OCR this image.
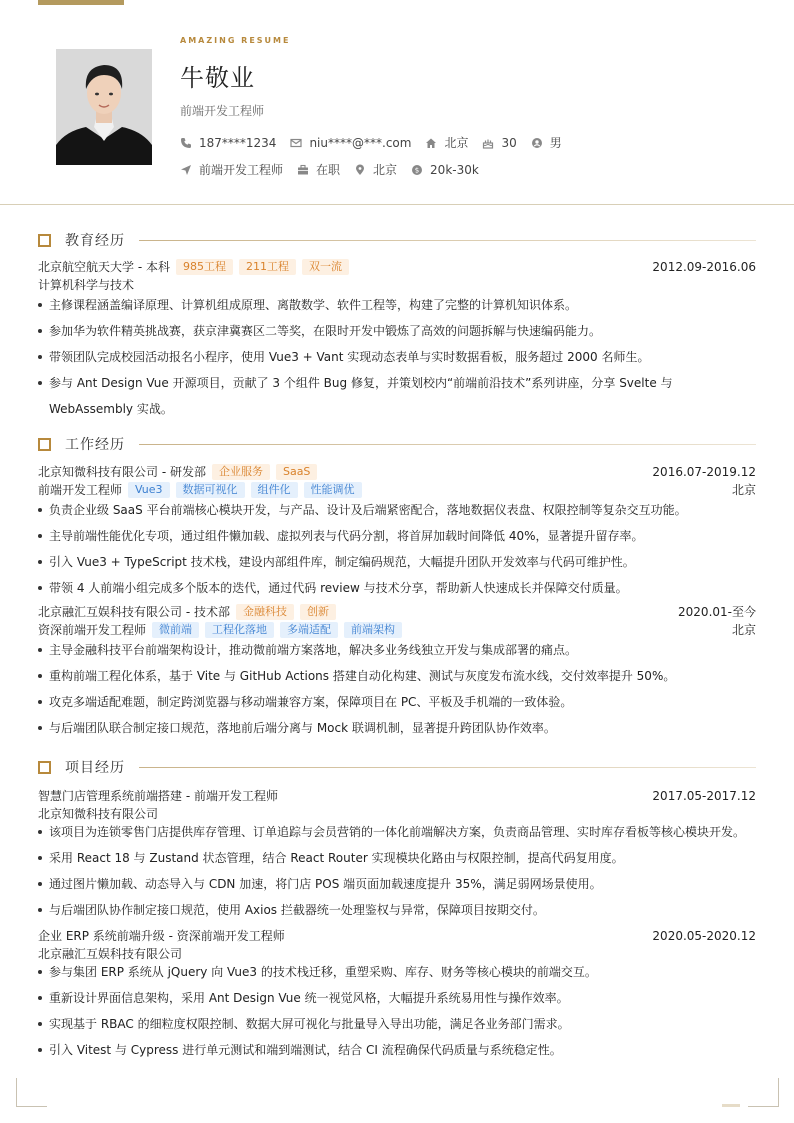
AMAZING RESUME
牛敬业
前端开发工程师
187****1234	niu****@***.com	北京	30	男
前端开发工程师	在职	北京	$ 20k-30k
教育经历
北京航空航天大学 - 本科	985工程	211工程	双一流	2012.09-2016.06
计算机科学与技术
主修课程涵盖编译原理、计算机组成原理、离散数学、软件工程等，构建了完整的计算机知识体系。
参加华为软件精英挑战赛，获京津冀赛区二等奖，在限时开发中锻炼了高效的问题拆解与快速编码能力。
带领团队完成校园活动报名小程序，使用 Vue3 + Vant 实现动态表单与实时数据看板，服务超过 2000 名师生。
参与 Ant Design Vue 开源项目，贡献了 3 个组件 Bug 修复，并策划校内“前端前沿技术”系列讲座，分享 Svelte 与 WebAssembly 实战。
工作经历
北京知微科技有限公司 - 研发部	企业服务	SaaS	2016.07-2019.12
前端开发工程师	Vue3	数据可视化	组件化	性能调优	北京
负责企业级 SaaS 平台前端核心模块开发，与产品、设计及后端紧密配合，落地数据仪表盘、权限控制等复杂交互功能。
主导前端性能优化专项，通过组件懒加载、虚拟列表与代码分割，将首屏加载时间降低 40%，显著提升留存率。
引入 Vue3 + TypeScript 技术栈，建设内部组件库，制定编码规范，大幅提升团队开发效率与代码可维护性。
带领 4 人前端小组完成多个版本的迭代，通过代码 review 与技术分享，帮助新人快速成长并保障交付质量。
北京融汇互娱科技有限公司 - 技术部	金融科技	创新	2020.01-至今
资深前端开发工程师	微前端	工程化落地	多端适配	前端架构	北京
主导金融科技平台前端架构设计，推动微前端方案落地，解决多业务线独立开发与集成部署的痛点。
重构前端工程化体系，基于 Vite 与 GitHub Actions 搭建自动化构建、测试与灰度发布流水线，交付效率提升 50%。
攻克多端适配难题，制定跨浏览器与移动端兼容方案，保障项目在 PC、平板及手机端的一致体验。
与后端团队联合制定接口规范，落地前后端分离与 Mock 联调机制，显著提升跨团队协作效率。
项目经历
智慧门店管理系统前端搭建 - 前端开发工程师	2017.05-2017.12
北京知微科技有限公司
该项目为连锁零售门店提供库存管理、订单追踪与会员营销的一体化前端解决方案，负责商品管理、实时库存看板等核心模块开发。
采用 React 18 与 Zustand 状态管理，结合 React Router 实现模块化路由与权限控制，提高代码复用度。
通过图片懒加载、动态导入与 CDN 加速，将门店 POS 端页面加载速度提升 35%，满足弱网场景使用。
与后端团队协作制定接口规范，使用 Axios 拦截器统一处理鉴权与异常，保障项目按期交付。
企业 ERP 系统前端升级 - 资深前端开发工程师	2020.05-2020.12
北京融汇互娱科技有限公司
参与集团 ERP 系统从 jQuery 向 Vue3 的技术栈迁移，重塑采购、库存、财务等核心模块的前端交互。
重新设计界面信息架构，采用 Ant Design Vue 统一视觉风格，大幅提升系统易用性与操作效率。
实现基于 RBAC 的细粒度权限控制、数据大屏可视化与批量导入导出功能，满足各业务部门需求。
引入 Vitest 与 Cypress 进行单元测试和端到端测试，结合 CI 流程确保代码质量与系统稳定性。
